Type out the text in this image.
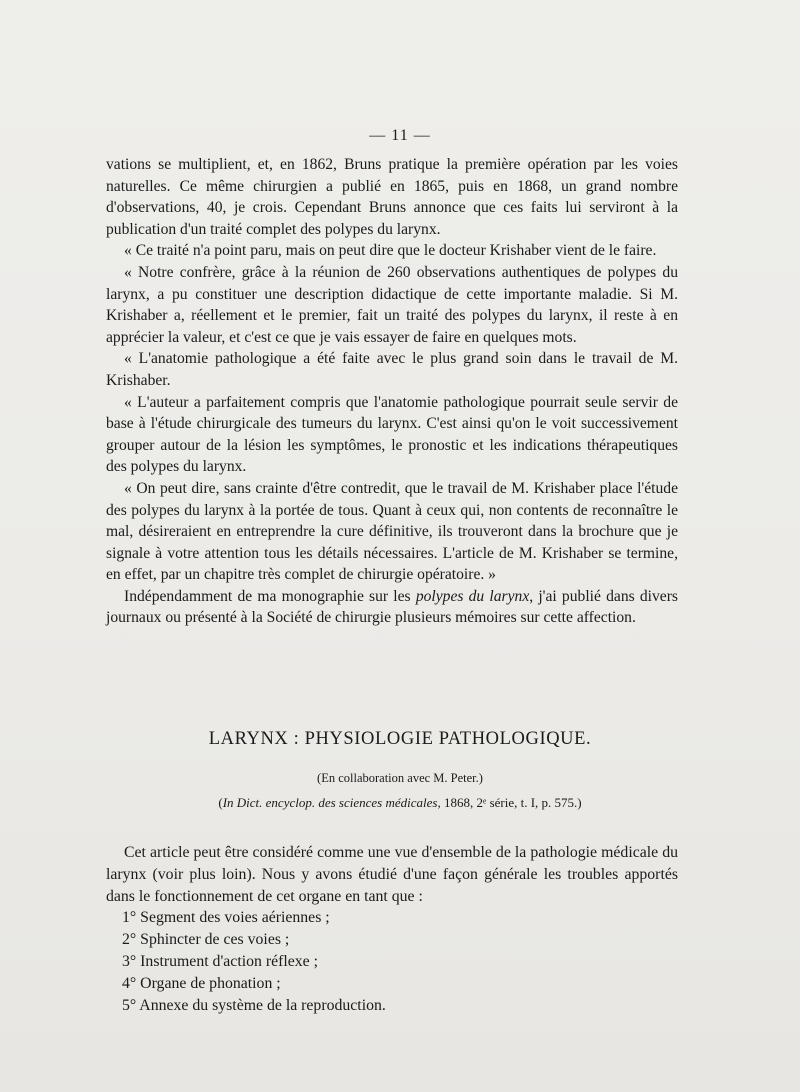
— 11 —

vations se multiplient, et, en 1862, Bruns pratique la première opération par les voies naturelles. Ce même chirurgien a publié en 1865, puis en 1868, un grand nombre d'observations, 40, je crois. Cependant Bruns annonce que ces faits lui serviront à la publication d'un traité complet des polypes du larynx.

« Ce traité n'a point paru, mais on peut dire que le docteur Krishaber vient de le faire.

« Notre confrère, grâce à la réunion de 260 observations authentiques de polypes du larynx, a pu constituer une description didactique de cette importante maladie. Si M. Krishaber a, réellement et le premier, fait un traité des polypes du larynx, il reste à en apprécier la valeur, et c'est ce que je vais essayer de faire en quelques mots.

« L'anatomie pathologique a été faite avec le plus grand soin dans le travail de M. Krishaber.

« L'auteur a parfaitement compris que l'anatomie pathologique pourrait seule servir de base à l'étude chirurgicale des tumeurs du larynx. C'est ainsi qu'on le voit successivement grouper autour de la lésion les symptômes, le pronostic et les indications thérapeutiques des polypes du larynx.

« On peut dire, sans crainte d'être contredit, que le travail de M. Krishaber place l'étude des polypes du larynx à la portée de tous. Quant à ceux qui, non contents de reconnaître le mal, désireraient en entreprendre la cure définitive, ils trouveront dans la brochure que je signale à votre attention tous les détails nécessaires. L'article de M. Krishaber se termine, en effet, par un chapitre très complet de chirurgie opératoire. »

Indépendamment de ma monographie sur les polypes du larynx, j'ai publié dans divers journaux ou présenté à la Société de chirurgie plusieurs mémoires sur cette affection.

LARYNX : PHYSIOLOGIE PATHOLOGIQUE.
(En collaboration avec M. Peter.)
(In Dict. encyclop. des sciences médicales, 1868, 2ᵉ série, t. I, p. 575.)

Cet article peut être considéré comme une vue d'ensemble de la pathologie médicale du larynx (voir plus loin). Nous y avons étudié d'une façon générale les troubles apportés dans le fonctionnement de cet organe en tant que :

1° Segment des voies aériennes ;
2° Sphincter de ces voies ;
3° Instrument d'action réflexe ;
4° Organe de phonation ;
5° Annexe du système de la reproduction.
